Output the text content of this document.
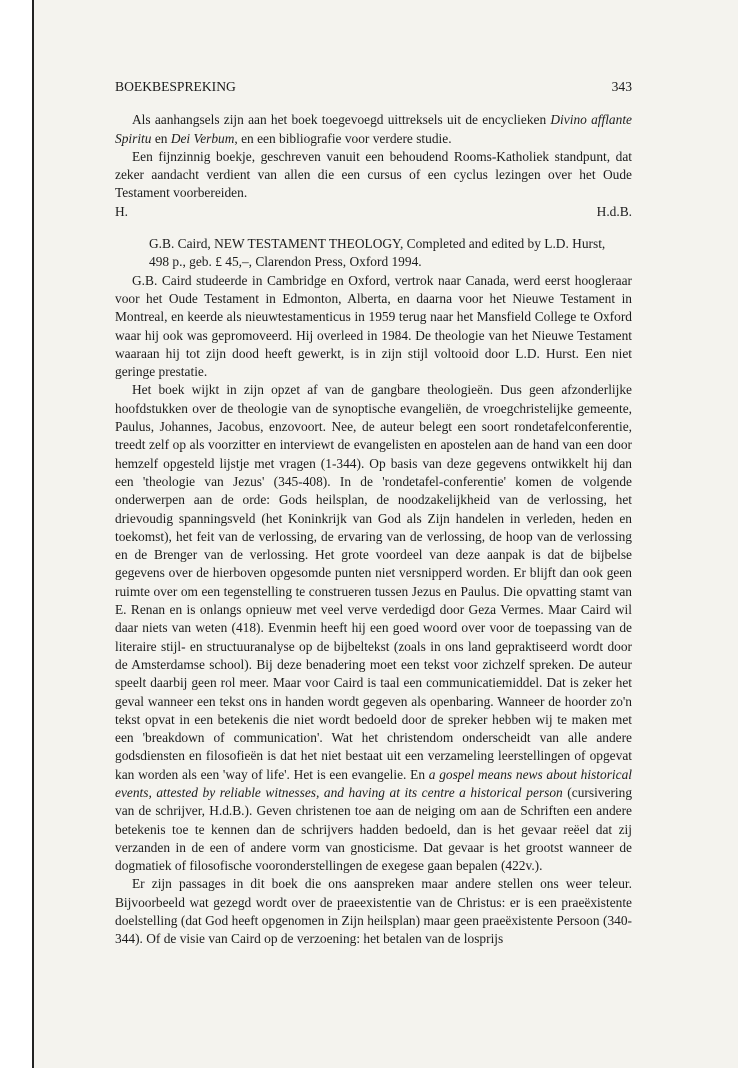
BOEKBESPREKING	343

Als aanhangsels zijn aan het boek toegevoegd uittreksels uit de encyclieken Divino afflante Spiritu en Dei Verbum, en een bibliografie voor verdere studie.

Een fijnzinnig boekje, geschreven vanuit een behoudend Rooms-Katholiek standpunt, dat zeker aandacht verdient van allen die een cursus of een cyclus lezingen over het Oude Testament voorbereiden.

H.	H.d.B.

G.B. Caird, NEW TESTAMENT THEOLOGY, Completed and edited by L.D. Hurst,
498 p., geb. £ 45,–, Clarendon Press, Oxford 1994.

G.B. Caird studeerde in Cambridge en Oxford, vertrok naar Canada, werd eerst hoogleraar voor het Oude Testament in Edmonton, Alberta, en daarna voor het Nieuwe Testament in Montreal, en keerde als nieuwtestamenticus in 1959 terug naar het Mansfield College te Oxford waar hij ook was gepromoveerd. Hij overleed in 1984. De theologie van het Nieuwe Testament waaraan hij tot zijn dood heeft gewerkt, is in zijn stijl voltooid door L.D. Hurst. Een niet geringe prestatie.

Het boek wijkt in zijn opzet af van de gangbare theologieën. Dus geen afzonderlijke hoofdstukken over de theologie van de synoptische evangeliën, de vroegchristelijke gemeente, Paulus, Johannes, Jacobus, enzovoort. Nee, de auteur belegt een soort rondetafelconferentie, treedt zelf op als voorzitter en interviewt de evangelisten en apostelen aan de hand van een door hemzelf opgesteld lijstje met vragen (1-344). Op basis van deze gegevens ontwikkelt hij dan een 'theologie van Jezus' (345-408). In de 'rondetafel-conferentie' komen de volgende onderwerpen aan de orde: Gods heilsplan, de noodzakelijkheid van de verlossing, het drievoudig spanningsveld (het Koninkrijk van God als Zijn handelen in verleden, heden en toekomst), het feit van de verlossing, de ervaring van de verlossing, de hoop van de verlossing en de Brenger van de verlossing. Het grote voordeel van deze aanpak is dat de bijbelse gegevens over de hierboven opgesomde punten niet versnipperd worden. Er blijft dan ook geen ruimte over om een tegenstelling te construeren tussen Jezus en Paulus. Die opvatting stamt van E. Renan en is onlangs opnieuw met veel verve verdedigd door Geza Vermes. Maar Caird wil daar niets van weten (418). Evenmin heeft hij een goed woord over voor de toepassing van de literaire stijl- en structuuranalyse op de bijbeltekst (zoals in ons land gepraktiseerd wordt door de Amsterdamse school). Bij deze benadering moet een tekst voor zichzelf spreken. De auteur speelt daarbij geen rol meer. Maar voor Caird is taal een communicatiemiddel. Dat is zeker het geval wanneer een tekst ons in handen wordt gegeven als openbaring. Wanneer de hoorder zo'n tekst opvat in een betekenis die niet wordt bedoeld door de spreker hebben wij te maken met een 'breakdown of communication'. Wat het christendom onderscheidt van alle andere godsdiensten en filosofieën is dat het niet bestaat uit een verzameling leerstellingen of opgevat kan worden als een 'way of life'. Het is een evangelie. En a gospel means news about historical events, attested by reliable witnesses, and having at its centre a historical person (cursivering van de schrijver, H.d.B.). Geven christenen toe aan de neiging om aan de Schriften een andere betekenis toe te kennen dan de schrijvers hadden bedoeld, dan is het gevaar reëel dat zij verzanden in de een of andere vorm van gnosticisme. Dat gevaar is het grootst wanneer de dogmatiek of filosofische vooronderstellingen de exegese gaan bepalen (422v.).

Er zijn passages in dit boek die ons aanspreken maar andere stellen ons weer teleur. Bijvoorbeeld wat gezegd wordt over de praeexistentie van de Christus: er is een praeëxistente doelstelling (dat God heeft opgenomen in Zijn heilsplan) maar geen praeëxistente Persoon (340-344). Of de visie van Caird op de verzoening: het betalen van de losprijs
